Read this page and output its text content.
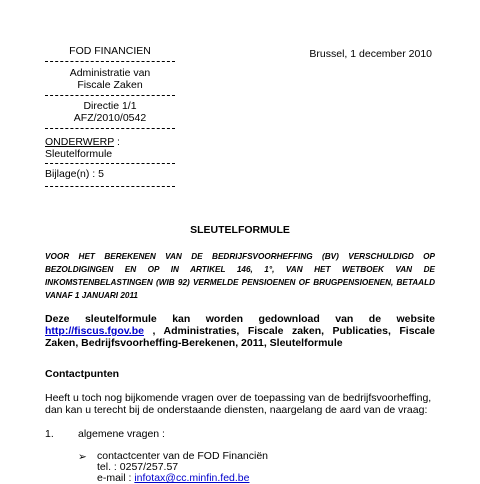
FOD FINANCIEN
Administratie van
Fiscale Zaken
Directie 1/1
AFZ/2010/0542
ONDERWERP :
Sleutelformule
Bijlage(n) : 5
Brussel, 1 december 2010
SLEUTELFORMULE
VOOR HET BEREKENEN VAN DE BEDRIJFSVOORHEFFING (BV) VERSCHULDIGD OP BEZOLDIGINGEN EN OP IN ARTIKEL 146, 1°, VAN HET WETBOEK VAN DE INKOMSTENBELASTINGEN (WIB 92) VERMELDE PENSIOENEN OF BRUGPENSIOENEN, BETAALD VANAF 1 JANUARI 2011
Deze sleutelformule kan worden gedownload van de website http://fiscus.fgov.be , Administraties, Fiscale zaken, Publicaties, Fiscale Zaken, Bedrijfsvoorheffing-Berekenen, 2011, Sleutelformule
Contactpunten
Heeft u toch nog bijkomende vragen over de toepassing van de bedrijfsvoorheffing, dan kan u terecht bij de onderstaande diensten, naargelang de aard van de vraag:
1. algemene vragen :
➢ contactcenter van de FOD Financiën
tel. : 0257/257.57
e-mail : infotax@cc.minfin.fed.be
